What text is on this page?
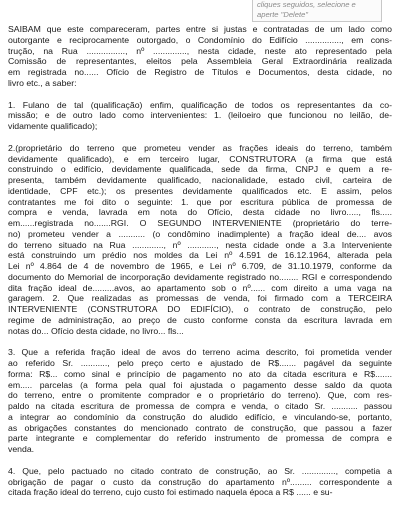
cliques seguidos, selecione e
aperte "Delete"
SAIBAM que este compareceram, partes entre si justas e contratadas de um lado como
outorgante e reciprocamente outorgado, o Condomínio do Edifício ..............., em cons-
trução, na Rua ................, nº .............., nesta cidade, neste ato representado pela
Comissão de representantes, eleitos pela Assembleia Geral Extraordinária realizada
em registrada no...... Ofício de Registro de Títulos e Documentos, desta cidade, no
livro etc., a saber:
1. Fulano de tal (qualificação) enfim, qualificação de todos os representantes da co-
missão; e de outro lado como intervenientes: 1. (leiloeiro que funcionou no leilão, de-
vidamente qualificado);
2.(proprietário do terreno que prometeu vender as frações ideais do terreno, também
devidamente qualificado), e em terceiro lugar, CONSTRUTORA (a firma que está
construindo o edifício, devidamente qualificada, sede da firma, CNPJ e quem a re-
presenta, também devidamente qualificado, nacionalidade, estado civil, carteira de
identidade, CPF etc.); os presentes devidamente qualificados etc. E assim, pelos
contratantes me foi dito o seguinte: 1. que por escritura pública de promessa de
compra e venda, lavrada em nota do Ofício, desta cidade no livro....., fls.....
em......registrada no.......RGI. O SEGUNDO INTERVENIENTE (proprietário do terre-
no) prometeu vender a ........... (o condômino inadimplente) a fração ideal de.... avos
do terreno situado na Rua ............., nº ............, nesta cidade onde a 3.a Interveniente
está construindo um prédio nos moldes da Lei nº 4.591 de 16.12.1964, alterada pela
Lei nº 4.864 de 4 de novembro de 1965, e Lei nº 6.709, de 31.10.1979, conforme da
documento do Memorial de incorporação devidamente registrado no........ RGI e correspondendo
dita fração ideal de.........avos, ao apartamento sob o nº...... com direito a uma vaga na
garagem. 2. Que realizadas as promessas de venda, foi firmado com a TERCEIRA
INTERVENIENTE (CONSTRUTORA DO EDIFÍCIO), o contrato de construção, pelo
regime de administração, ao preço de custo conforme consta da escritura lavrada em
notas do... Ofício desta cidade, no livro... fls...
3. Que a referida fração ideal de avos do terreno acima descrito, foi prometida vender
ao referido Sr. ..........., pelo preço certo e ajustado de R$....... pagável da seguinte
forma: R$... como sinal e princípio de pagamento no ato da citada escritura e R$.......
em..... parcelas (a forma pela qual foi ajustada o pagamento desse saldo da quota
do terreno, entre o promitente comprador e o proprietário do terreno). Que, com res-
paldo na citada escritura de promessa de compra e venda, o citado Sr. ........... passou
a integrar ao condomínio da construção do aludido edifício, e vinculando-se, portanto,
as obrigações constantes do mencionado contrato de construção, que passou a fazer
parte integrante e complementar do referido instrumento de promessa de compra e
venda.
4. Que, pelo pactuado no citado contrato de construção, ao Sr. .............., competia a
obrigação de pagar o custo da construção do apartamento nº......... correspondente a
citada fração ideal do terreno, cujo custo foi estimado naquela época a R$ ...... e su-
